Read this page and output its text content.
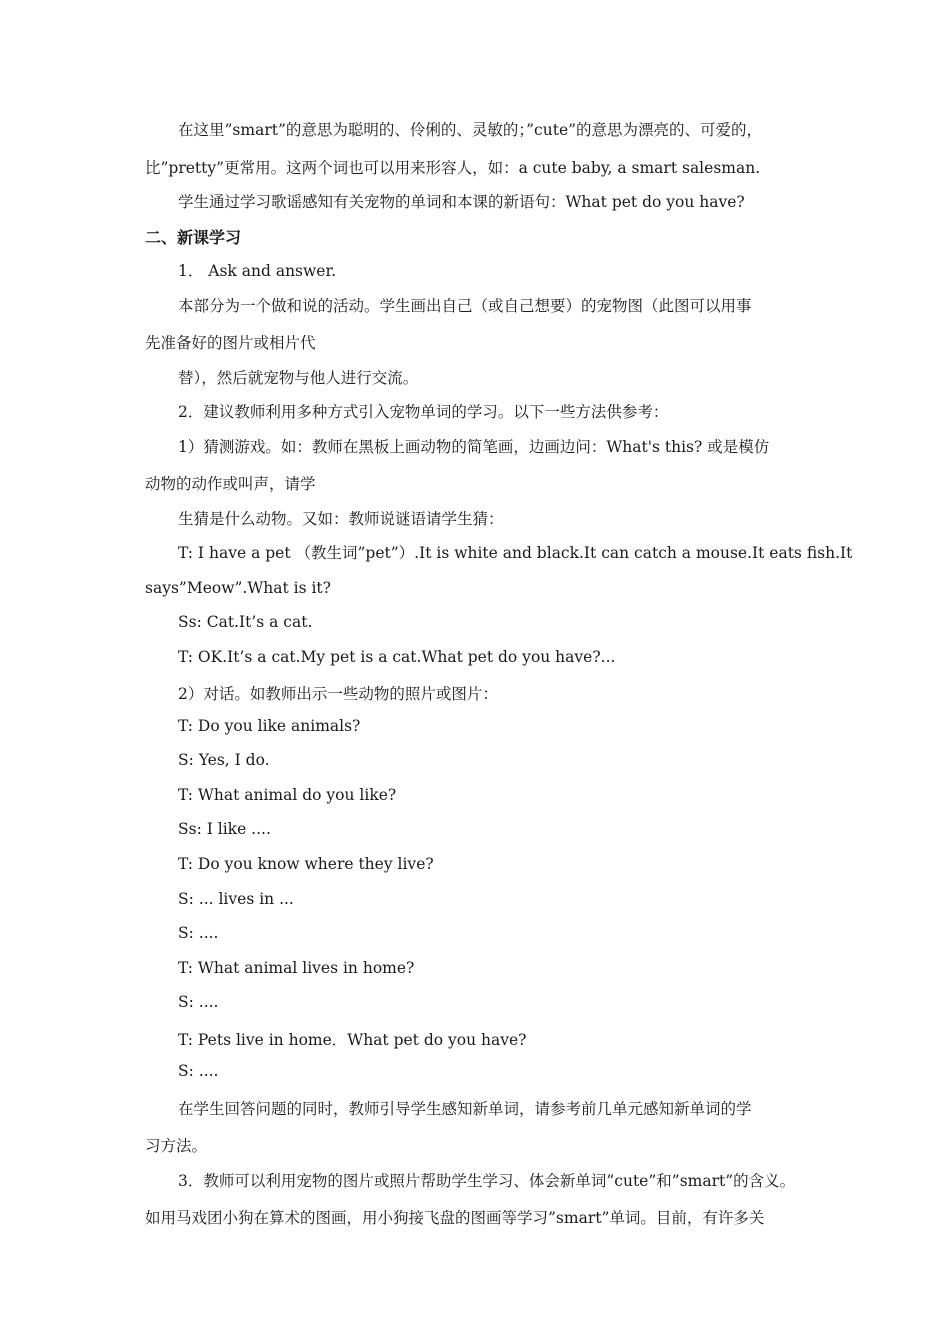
在这里”smart”的意思为聪明的、伶俐的、灵敏的；”cute”的意思为漂亮的、可爱的，
比”pretty”更常用。这两个词也可以用来形容人，如：a cute baby, a smart salesman.
学生通过学习歌谣感知有关宠物的单词和本课的新语句：What pet do you have?
二、新课学习
1． Ask and answer.
本部分为一个做和说的活动。学生画出自己（或自己想要）的宠物图（此图可以用事
先准备好的图片或相片代
替），然后就宠物与他人进行交流。
2．建议教师利用多种方式引入宠物单词的学习。以下一些方法供参考：
1）猜测游戏。如：教师在黑板上画动物的简笔画，边画边问：What's this? 或是模仿
动物的动作或叫声，请学
生猜是什么动物。又如：教师说谜语请学生猜：
T: I have a pet （教生词”pet”）.It is white and black.It can catch a mouse.It eats fish.It
says”Meow”.What is it?
Ss: Cat.It’s a cat.
T: OK.It’s a cat.My pet is a cat.What pet do you have?...
2）对话。如教师出示一些动物的照片或图片：
T: Do you like animals?
S: Yes, I do.
T: What animal do you like?
Ss: I like ....
T: Do you know where they live?
S: ... lives in ...
S: ....
T: What animal lives in home?
S: ....
T: Pets live in home．What pet do you have?
S: ....
在学生回答问题的同时，教师引导学生感知新单词，请参考前几单元感知新单词的学
习方法。
3．教师可以利用宠物的图片或照片帮助学生学习、体会新单词”cute”和”smart”的含义。
如用马戏团小狗在算术的图画，用小狗接飞盘的图画等学习”smart”单词。目前，有许多关
